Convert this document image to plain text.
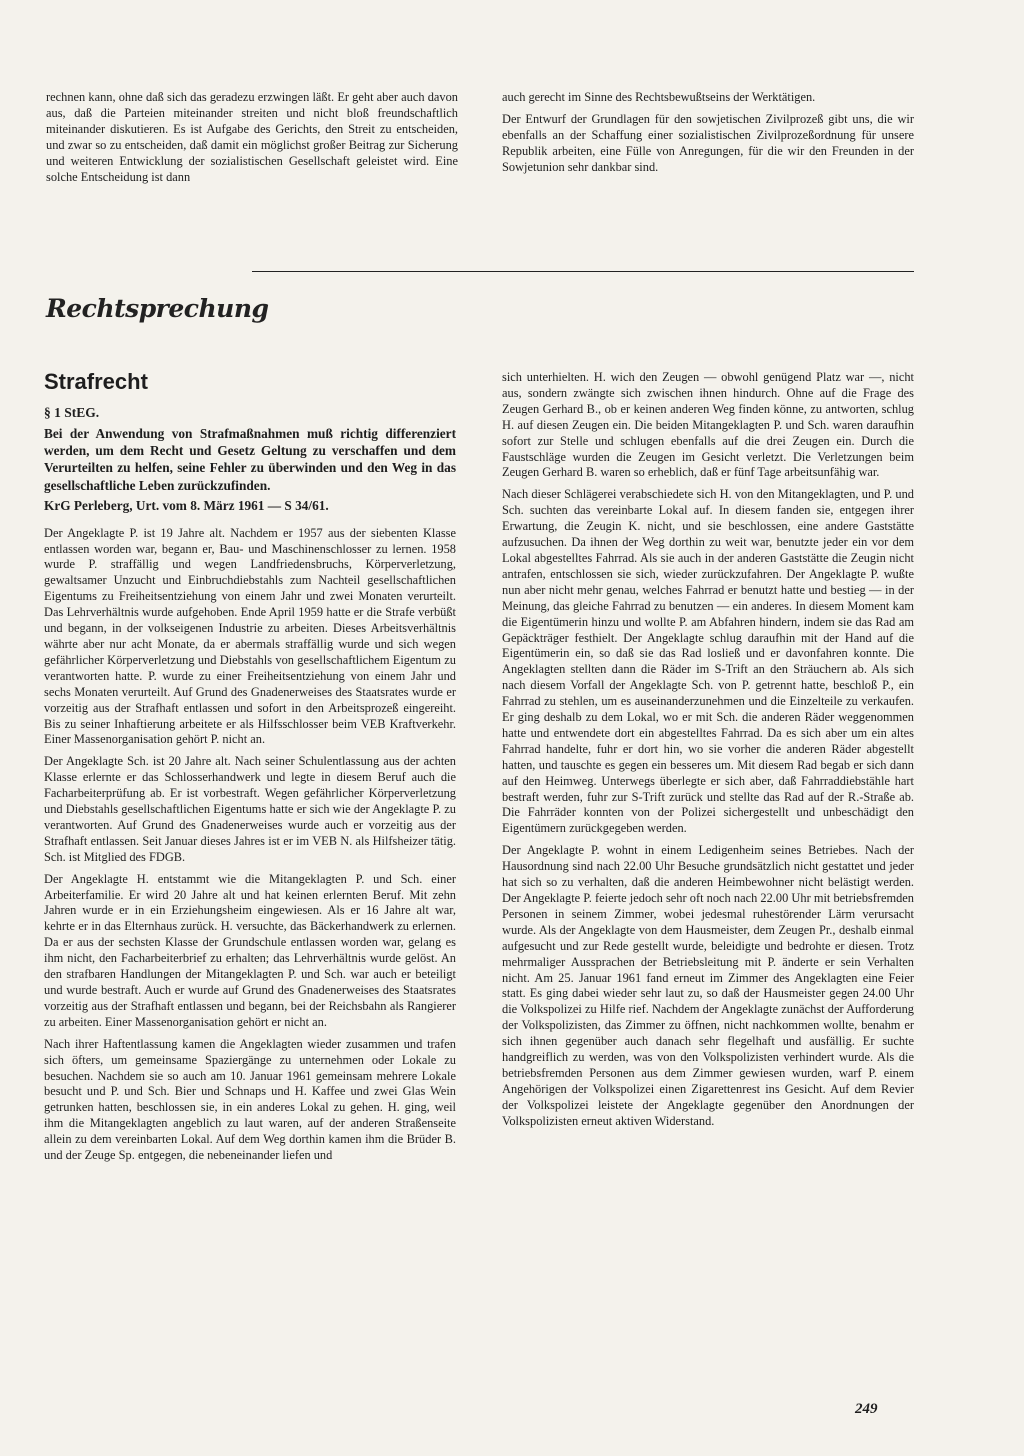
rechnen kann, ohne daß sich das geradezu erzwingen läßt. Er geht aber auch davon aus, daß die Parteien miteinander streiten und nicht bloß freundschaftlich miteinander diskutieren. Es ist Aufgabe des Gerichts, den Streit zu entscheiden, und zwar so zu entscheiden, daß damit ein möglichst großer Beitrag zur Sicherung und weiteren Entwicklung der sozialistischen Gesellschaft geleistet wird. Eine solche Entscheidung ist dann

auch gerecht im Sinne des Rechtsbewußtseins der Werktätigen.

Der Entwurf der Grundlagen für den sowjetischen Zivilprozeß gibt uns, die wir ebenfalls an der Schaffung einer sozialistischen Zivilprozeßordnung für unsere Republik arbeiten, eine Fülle von Anregungen, für die wir den Freunden in der Sowjetunion sehr dankbar sind.

Rechtsprechung
Strafrecht

§ 1 StEG.

Bei der Anwendung von Strafmaßnahmen muß richtig differenziert werden, um dem Recht und Gesetz Geltung zu verschaffen und dem Verurteilten zu helfen, seine Fehler zu überwinden und den Weg in das gesellschaftliche Leben zurückzufinden.

KrG Perleberg, Urt. vom 8. März 1961 — S 34/61.

Der Angeklagte P. ist 19 Jahre alt. Nachdem er 1957 aus der siebenten Klasse entlassen worden war, begann er, Bau- und Maschinenschlosser zu lernen. 1958 wurde P. straffällig und wegen Landfriedensbruchs, Körperverletzung, gewaltsamer Unzucht und Einbruchdiebstahls zum Nachteil gesellschaftlichen Eigentums zu Freiheitsentziehung von einem Jahr und zwei Monaten verurteilt. Das Lehrverhältnis wurde aufgehoben. Ende April 1959 hatte er die Strafe verbüßt und begann, in der volkseigenen Industrie zu arbeiten. Dieses Arbeitsverhältnis währte aber nur acht Monate, da er abermals straffällig wurde und sich wegen gefährlicher Körperverletzung und Diebstahls von gesellschaftlichem Eigentum zu verantworten hatte. P. wurde zu einer Freiheitsentziehung von einem Jahr und sechs Monaten verurteilt. Auf Grund des Gnadenerweises des Staatsrates wurde er vorzeitig aus der Strafhaft entlassen und sofort in den Arbeitsprozeß eingereiht. Bis zu seiner Inhaftierung arbeitete er als Hilfsschlosser beim VEB Kraftverkehr. Einer Massenorganisation gehört P. nicht an.

Der Angeklagte Sch. ist 20 Jahre alt. Nach seiner Schulentlassung aus der achten Klasse erlernte er das Schlosserhandwerk und legte in diesem Beruf auch die Facharbeiterprüfung ab. Er ist vorbestraft. Wegen gefährlicher Körperverletzung und Diebstahls gesellschaftlichen Eigentums hatte er sich wie der Angeklagte P. zu verantworten. Auf Grund des Gnadenerweises wurde auch er vorzeitig aus der Strafhaft entlassen. Seit Januar dieses Jahres ist er im VEB N. als Hilfsheizer tätig. Sch. ist Mitglied des FDGB.

Der Angeklagte H. entstammt wie die Mitangeklagten P. und Sch. einer Arbeiterfamilie. Er wird 20 Jahre alt und hat keinen erlernten Beruf. Mit zehn Jahren wurde er in ein Erziehungsheim eingewiesen. Als er 16 Jahre alt war, kehrte er in das Elternhaus zurück. H. versuchte, das Bäckerhandwerk zu erlernen. Da er aus der sechsten Klasse der Grundschule entlassen worden war, gelang es ihm nicht, den Facharbeiterbrief zu erhalten; das Lehrverhältnis wurde gelöst. An den strafbaren Handlungen der Mitangeklagten P. und Sch. war auch er beteiligt und wurde bestraft. Auch er wurde auf Grund des Gnadenerweises des Staatsrates vorzeitig aus der Strafhaft entlassen und begann, bei der Reichsbahn als Rangierer zu arbeiten. Einer Massenorganisation gehört er nicht an.

Nach ihrer Haftentlassung kamen die Angeklagten wieder zusammen und trafen sich öfters, um gemeinsame Spaziergänge zu unternehmen oder Lokale zu besuchen. Nachdem sie so auch am 10. Januar 1961 gemeinsam mehrere Lokale besucht und P. und Sch. Bier und Schnaps und H. Kaffee und zwei Glas Wein getrunken hatten, beschlossen sie, in ein anderes Lokal zu gehen. H. ging, weil ihm die Mitangeklagten angeblich zu laut waren, auf der anderen Straßenseite allein zu dem vereinbarten Lokal. Auf dem Weg dorthin kamen ihm die Brüder B. und der Zeuge Sp. entgegen, die nebeneinander liefen und

sich unterhielten. H. wich den Zeugen — obwohl genügend Platz war —, nicht aus, sondern zwängte sich zwischen ihnen hindurch. Ohne auf die Frage des Zeugen Gerhard B., ob er keinen anderen Weg finden könne, zu antworten, schlug H. auf diesen Zeugen ein. Die beiden Mitangeklagten P. und Sch. waren daraufhin sofort zur Stelle und schlugen ebenfalls auf die drei Zeugen ein. Durch die Faustschläge wurden die Zeugen im Gesicht verletzt. Die Verletzungen beim Zeugen Gerhard B. waren so erheblich, daß er fünf Tage arbeitsunfähig war.

Nach dieser Schlägerei verabschiedete sich H. von den Mitangeklagten, und P. und Sch. suchten das vereinbarte Lokal auf. In diesem fanden sie, entgegen ihrer Erwartung, die Zeugin K. nicht, und sie beschlossen, eine andere Gaststätte aufzusuchen. Da ihnen der Weg dorthin zu weit war, benutzte jeder ein vor dem Lokal abgestelltes Fahrrad. Als sie auch in der anderen Gaststätte die Zeugin nicht antrafen, entschlossen sie sich, wieder zurückzufahren. Der Angeklagte P. wußte nun aber nicht mehr genau, welches Fahrrad er benutzt hatte und bestieg — in der Meinung, das gleiche Fahrrad zu benutzen — ein anderes. In diesem Moment kam die Eigentümerin hinzu und wollte P. am Abfahren hindern, indem sie das Rad am Gepäckträger festhielt. Der Angeklagte schlug daraufhin mit der Hand auf die Eigentümerin ein, so daß sie das Rad losließ und er davonfahren konnte. Die Angeklagten stellten dann die Räder im S-Trift an den Sträuchern ab. Als sich nach diesem Vorfall der Angeklagte Sch. von P. getrennt hatte, beschloß P., ein Fahrrad zu stehlen, um es auseinanderzunehmen und die Einzelteile zu verkaufen. Er ging deshalb zu dem Lokal, wo er mit Sch. die anderen Räder weggenommen hatte und entwendete dort ein abgestelltes Fahrrad. Da es sich aber um ein altes Fahrrad handelte, fuhr er dort hin, wo sie vorher die anderen Räder abgestellt hatten, und tauschte es gegen ein besseres um. Mit diesem Rad begab er sich dann auf den Heimweg. Unterwegs überlegte er sich aber, daß Fahrraddiebstähle hart bestraft werden, fuhr zur S-Trift zurück und stellte das Rad auf der R.-Straße ab. Die Fahrräder konnten von der Polizei sichergestellt und unbeschädigt den Eigentümern zurückgegeben werden.

Der Angeklagte P. wohnt in einem Ledigenheim seines Betriebes. Nach der Hausordnung sind nach 22.00 Uhr Besuche grundsätzlich nicht gestattet und jeder hat sich so zu verhalten, daß die anderen Heimbewohner nicht belästigt werden. Der Angeklagte P. feierte jedoch sehr oft noch nach 22.00 Uhr mit betriebsfremden Personen in seinem Zimmer, wobei jedesmal ruhestörender Lärm verursacht wurde. Als der Angeklagte von dem Hausmeister, dem Zeugen Pr., deshalb einmal aufgesucht und zur Rede gestellt wurde, beleidigte und bedrohte er diesen. Trotz mehrmaliger Aussprachen der Betriebsleitung mit P. änderte er sein Verhalten nicht. Am 25. Januar 1961 fand erneut im Zimmer des Angeklagten eine Feier statt. Es ging dabei wieder sehr laut zu, so daß der Hausmeister gegen 24.00 Uhr die Volkspolizei zu Hilfe rief. Nachdem der Angeklagte zunächst der Aufforderung der Volkspolizisten, das Zimmer zu öffnen, nicht nachkommen wollte, benahm er sich ihnen gegenüber auch danach sehr flegelhaft und ausfällig. Er suchte handgreiflich zu werden, was von den Volkspolizisten verhindert wurde. Als die betriebsfremden Personen aus dem Zimmer gewiesen wurden, warf P. einem Angehörigen der Volkspolizei einen Zigarettenrest ins Gesicht. Auf dem Revier der Volkspolizei leistete der Angeklagte gegenüber den Anordnungen der Volkspolizisten erneut aktiven Widerstand.

249
